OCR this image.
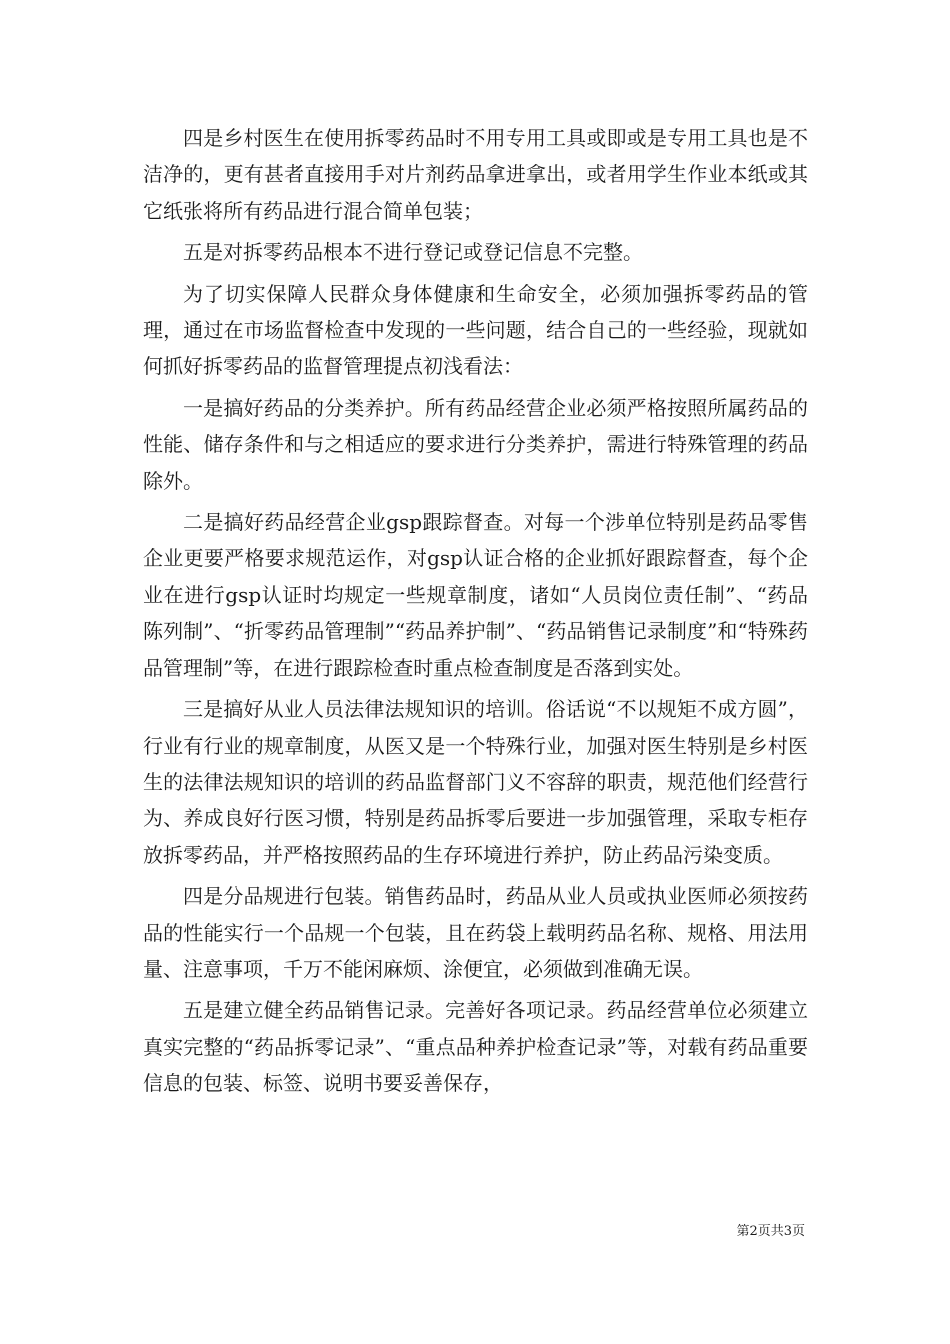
四是乡村医生在使用拆零药品时不用专用工具或即或是专用工具也是不洁净的，更有甚者直接用手对片剂药品拿进拿出，或者用学生作业本纸或其它纸张将所有药品进行混合简单包装；

五是对拆零药品根本不进行登记或登记信息不完整。

为了切实保障人民群众身体健康和生命安全，必须加强拆零药品的管理，通过在市场监督检查中发现的一些问题，结合自己的一些经验，现就如何抓好拆零药品的监督管理提点初浅看法：

一是搞好药品的分类养护。所有药品经营企业必须严格按照所属药品的性能、储存条件和与之相适应的要求进行分类养护，需进行特殊管理的药品除外。

二是搞好药品经营企业gsp跟踪督查。对每一个涉单位特别是药品零售企业更要严格要求规范运作，对gsp认证合格的企业抓好跟踪督查，每个企业在进行gsp认证时均规定一些规章制度，诸如“人员岗位责任制”、“药品陈列制”、“折零药品管理制”“药品养护制”、“药品销售记录制度”和“特殊药品管理制”等，在进行跟踪检查时重点检查制度是否落到实处。

三是搞好从业人员法律法规知识的培训。俗话说“不以规矩不成方圆”，行业有行业的规章制度，从医又是一个特殊行业，加强对医生特别是乡村医生的法律法规知识的培训的药品监督部门义不容辞的职责，规范他们经营行为、养成良好行医习惯，特别是药品拆零后要进一步加强管理，采取专柜存放拆零药品，并严格按照药品的生存环境进行养护，防止药品污染变质。

四是分品规进行包装。销售药品时，药品从业人员或执业医师必须按药品的性能实行一个品规一个包装，且在药袋上载明药品名称、规格、用法用量、注意事项，千万不能闲麻烦、涂便宜，必须做到准确无误。

五是建立健全药品销售记录。完善好各项记录。药品经营单位必须建立真实完整的“药品拆零记录”、“重点品种养护检查记录”等，对载有药品重要信息的包装、标签、说明书要妥善保存，

第2页共3页
